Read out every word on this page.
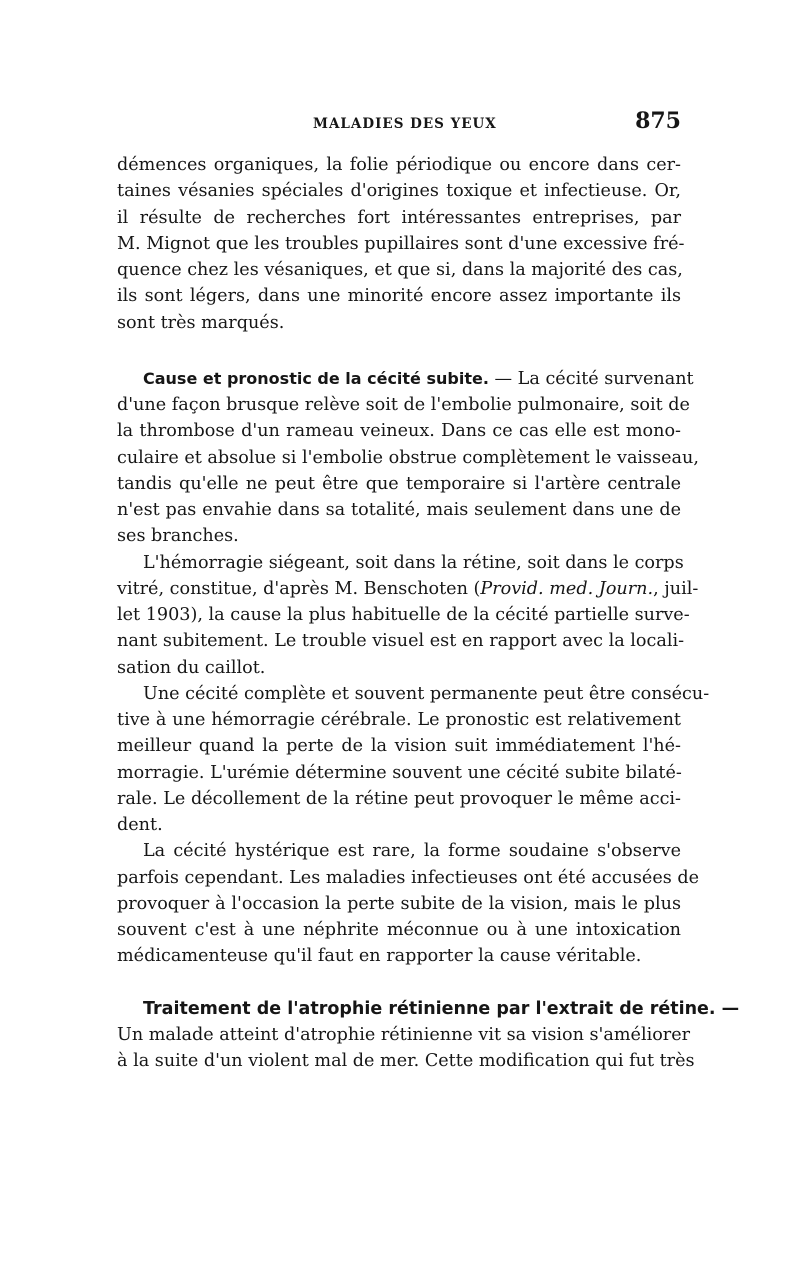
MALADIES DES YEUX	875
démences organiques, la folie périodique ou encore dans cer-
taines vésanies spéciales d'origines toxique et infectieuse. Or,
il résulte de recherches fort intéressantes entreprises, par
M. Mignot que les troubles pupillaires sont d'une excessive fré-
quence chez les vésaniques, et que si, dans la majorité des cas,
ils sont légers, dans une minorité encore assez importante ils
sont très marqués.
Cause et pronostic de la cécité subite. — La cécité survenant
d'une façon brusque relève soit de l'embolie pulmonaire, soit de
la thrombose d'un rameau veineux. Dans ce cas elle est mono-
culaire et absolue si l'embolie obstrue complètement le vaisseau,
tandis qu'elle ne peut être que temporaire si l'artère centrale
n'est pas envahie dans sa totalité, mais seulement dans une de
ses branches.
L'hémorragie siégeant, soit dans la rétine, soit dans le corps
vitré, constitue, d'après M. Benschoten (Provid. med. Journ., juil-
let 1903), la cause la plus habituelle de la cécité partielle surve-
nant subitement. Le trouble visuel est en rapport avec la locali-
sation du caillot.
Une cécité complète et souvent permanente peut être consécu-
tive à une hémorragie cérébrale. Le pronostic est relativement
meilleur quand la perte de la vision suit immédiatement l'hé-
morragie. L'urémie détermine souvent une cécité subite bilaté-
rale. Le décollement de la rétine peut provoquer le même acci-
dent.
La cécité hystérique est rare, la forme soudaine s'observe
parfois cependant. Les maladies infectieuses ont été accusées de
provoquer à l'occasion la perte subite de la vision, mais le plus
souvent c'est à une néphrite méconnue ou à une intoxication
médicamenteuse qu'il faut en rapporter la cause véritable.
Traitement de l'atrophie rétinienne par l'extrait de rétine. —
Un malade atteint d'atrophie rétinienne vit sa vision s'améliorer
à la suite d'un violent mal de mer. Cette modification qui fut très
